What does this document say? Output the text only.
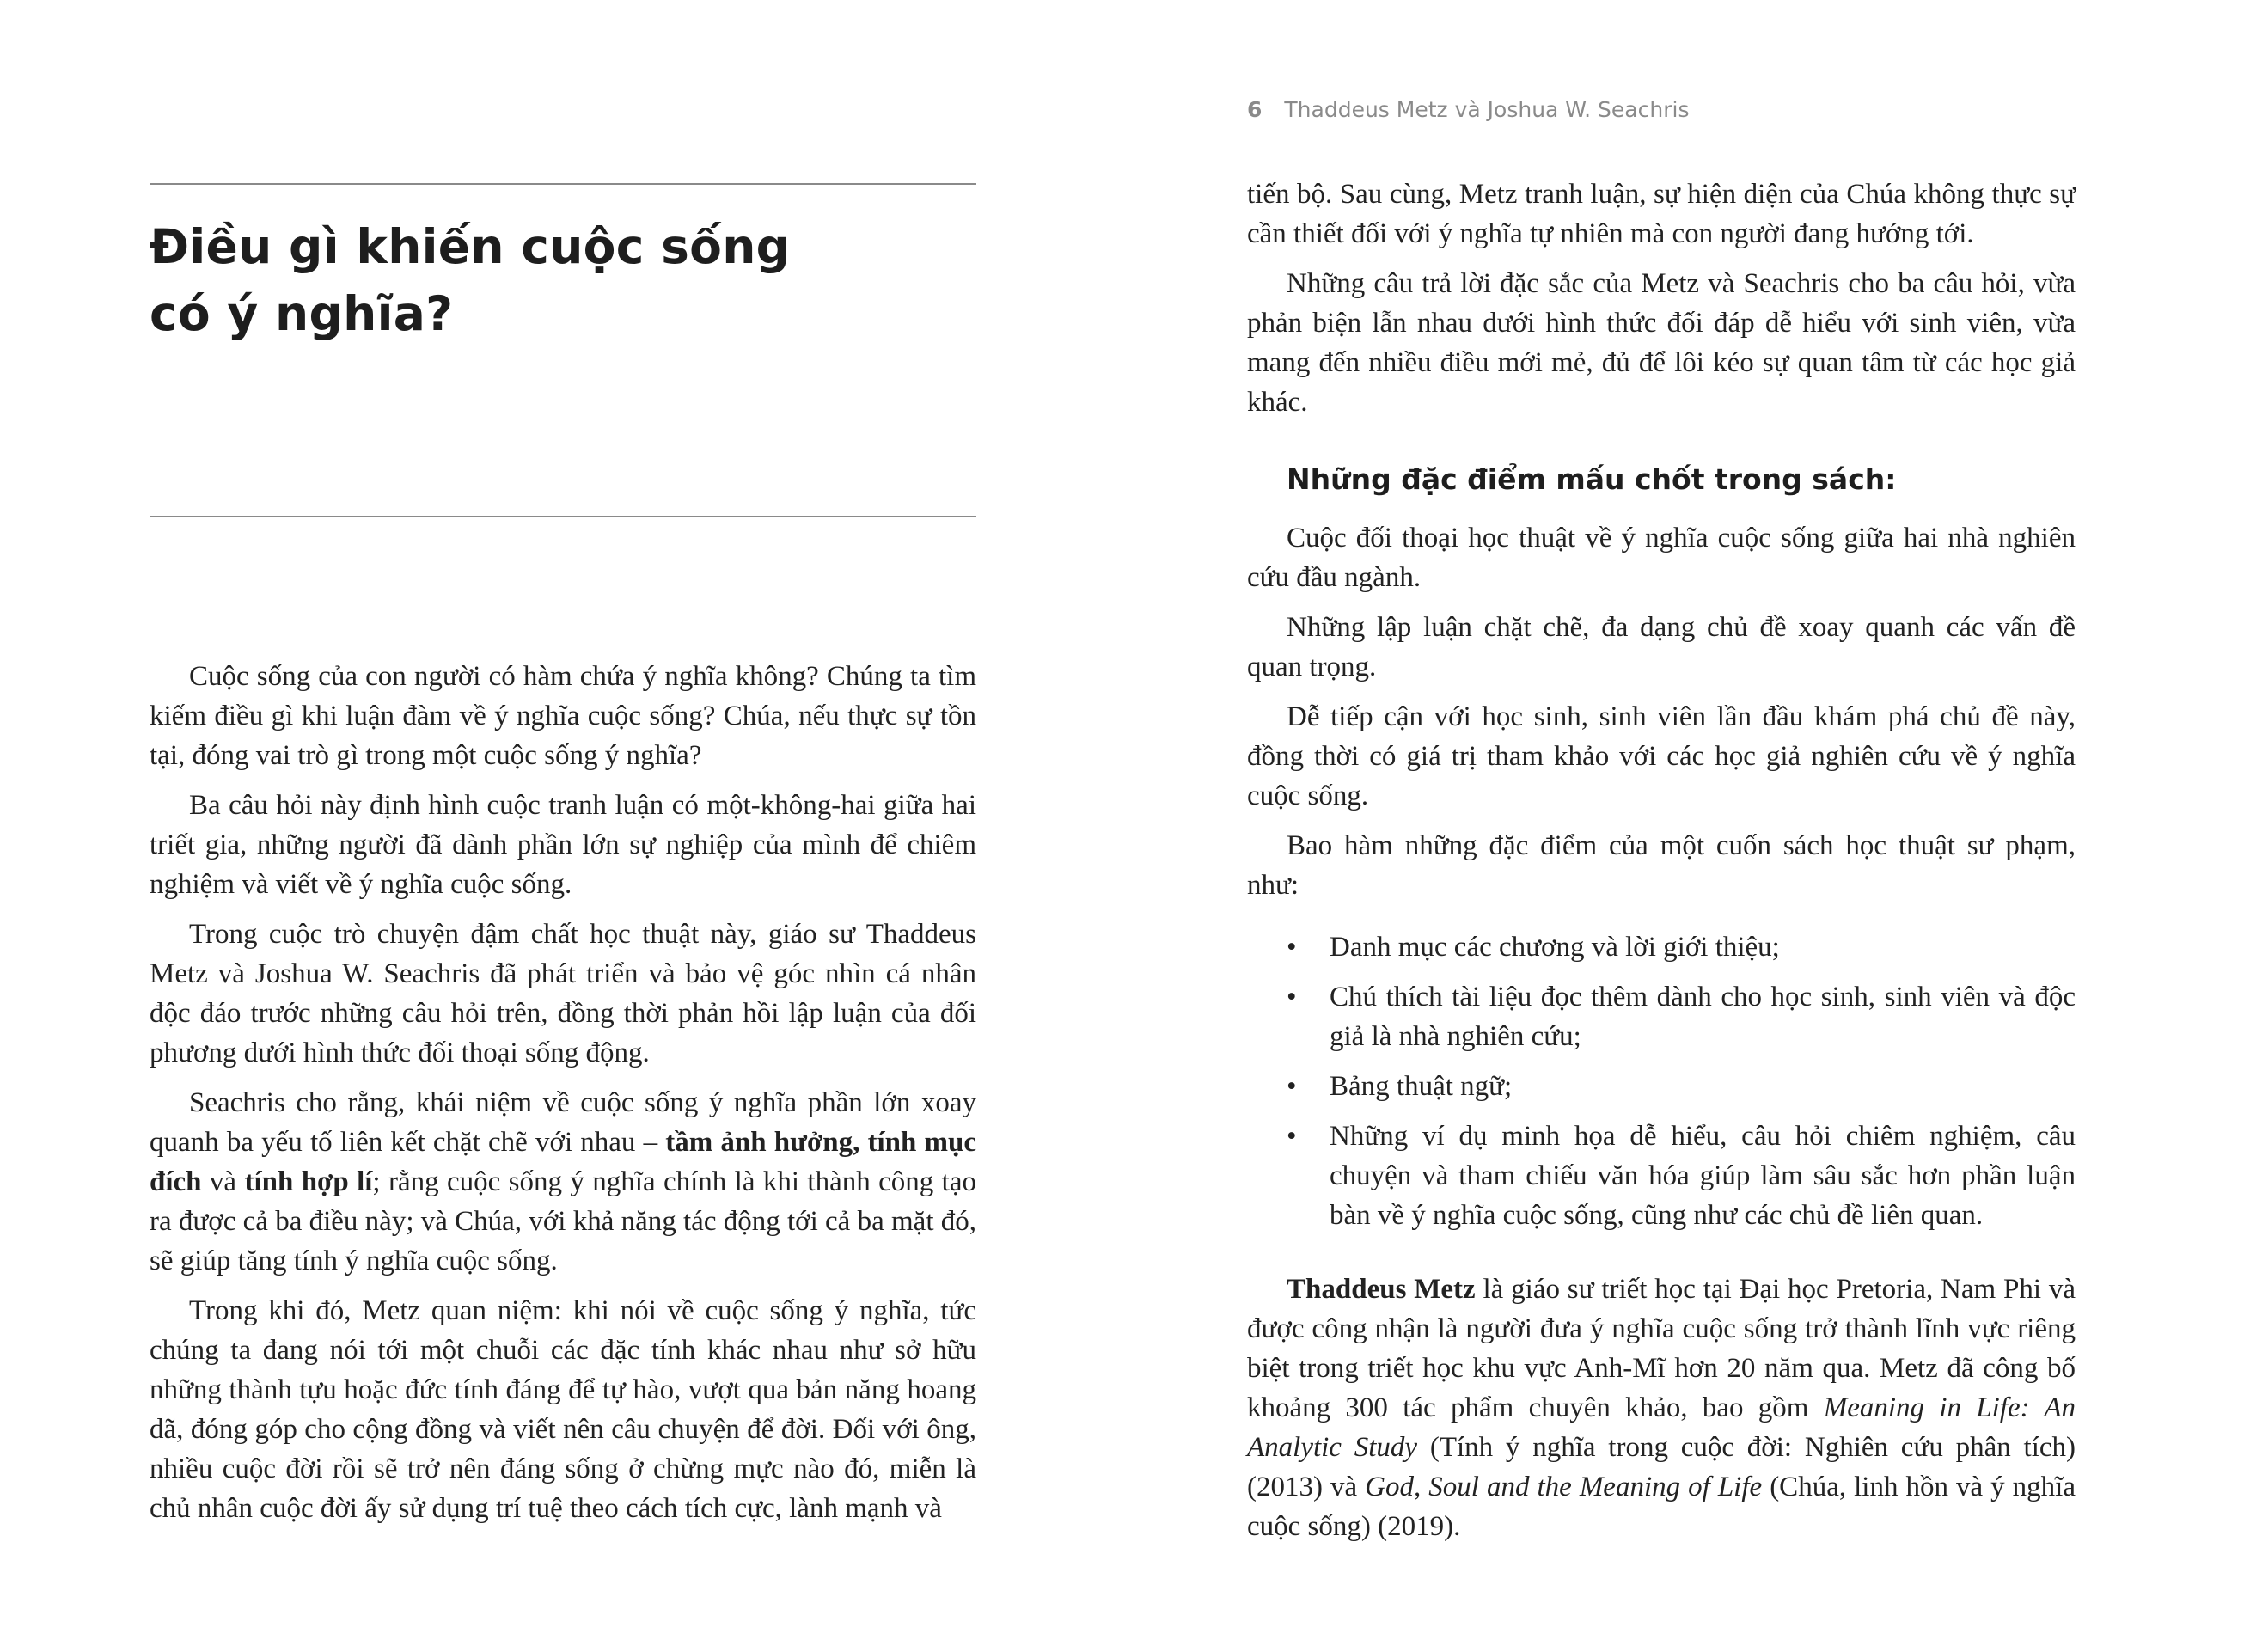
Điều gì khiến cuộc sống
có ý nghĩa?

Cuộc sống của con người có hàm chứa ý nghĩa không? Chúng ta tìm kiếm điều gì khi luận đàm về ý nghĩa cuộc sống? Chúa, nếu thực sự tồn tại, đóng vai trò gì trong một cuộc sống ý nghĩa?

Ba câu hỏi này định hình cuộc tranh luận có một-không-hai giữa hai triết gia, những người đã dành phần lớn sự nghiệp của mình để chiêm nghiệm và viết về ý nghĩa cuộc sống.

Trong cuộc trò chuyện đậm chất học thuật này, giáo sư Thaddeus Metz và Joshua W. Seachris đã phát triển và bảo vệ góc nhìn cá nhân độc đáo trước những câu hỏi trên, đồng thời phản hồi lập luận của đối phương dưới hình thức đối thoại sống động.

Seachris cho rằng, khái niệm về cuộc sống ý nghĩa phần lớn xoay quanh ba yếu tố liên kết chặt chẽ với nhau – tầm ảnh hưởng, tính mục đích và tính hợp lí; rằng cuộc sống ý nghĩa chính là khi thành công tạo ra được cả ba điều này; và Chúa, với khả năng tác động tới cả ba mặt đó, sẽ giúp tăng tính ý nghĩa cuộc sống.

Trong khi đó, Metz quan niệm: khi nói về cuộc sống ý nghĩa, tức chúng ta đang nói tới một chuỗi các đặc tính khác nhau như sở hữu những thành tựu hoặc đức tính đáng để tự hào, vượt qua bản năng hoang dã, đóng góp cho cộng đồng và viết nên câu chuyện để đời. Đối với ông, nhiều cuộc đời rồi sẽ trở nên đáng sống ở chừng mực nào đó, miễn là chủ nhân cuộc đời ấy sử dụng trí tuệ theo cách tích cực, lành mạnh và

6 Thaddeus Metz và Joshua W. Seachris

tiến bộ. Sau cùng, Metz tranh luận, sự hiện diện của Chúa không thực sự cần thiết đối với ý nghĩa tự nhiên mà con người đang hướng tới.

Những câu trả lời đặc sắc của Metz và Seachris cho ba câu hỏi, vừa phản biện lẫn nhau dưới hình thức đối đáp dễ hiểu với sinh viên, vừa mang đến nhiều điều mới mẻ, đủ để lôi kéo sự quan tâm từ các học giả khác.

Những đặc điểm mấu chốt trong sách:

Cuộc đối thoại học thuật về ý nghĩa cuộc sống giữa hai nhà nghiên cứu đầu ngành.

Những lập luận chặt chẽ, đa dạng chủ đề xoay quanh các vấn đề quan trọng.

Dễ tiếp cận với học sinh, sinh viên lần đầu khám phá chủ đề này, đồng thời có giá trị tham khảo với các học giả nghiên cứu về ý nghĩa cuộc sống.

Bao hàm những đặc điểm của một cuốn sách học thuật sư phạm, như:

• Danh mục các chương và lời giới thiệu;
• Chú thích tài liệu đọc thêm dành cho học sinh, sinh viên và độc giả là nhà nghiên cứu;
• Bảng thuật ngữ;
• Những ví dụ minh họa dễ hiểu, câu hỏi chiêm nghiệm, câu chuyện và tham chiếu văn hóa giúp làm sâu sắc hơn phần luận bàn về ý nghĩa cuộc sống, cũng như các chủ đề liên quan.

Thaddeus Metz là giáo sư triết học tại Đại học Pretoria, Nam Phi và được công nhận là người đưa ý nghĩa cuộc sống trở thành lĩnh vực riêng biệt trong triết học khu vực Anh-Mĩ hơn 20 năm qua. Metz đã công bố khoảng 300 tác phẩm chuyên khảo, bao gồm Meaning in Life: An Analytic Study (Tính ý nghĩa trong cuộc đời: Nghiên cứu phân tích) (2013) và God, Soul and the Meaning of Life (Chúa, linh hồn và ý nghĩa cuộc sống) (2019).
